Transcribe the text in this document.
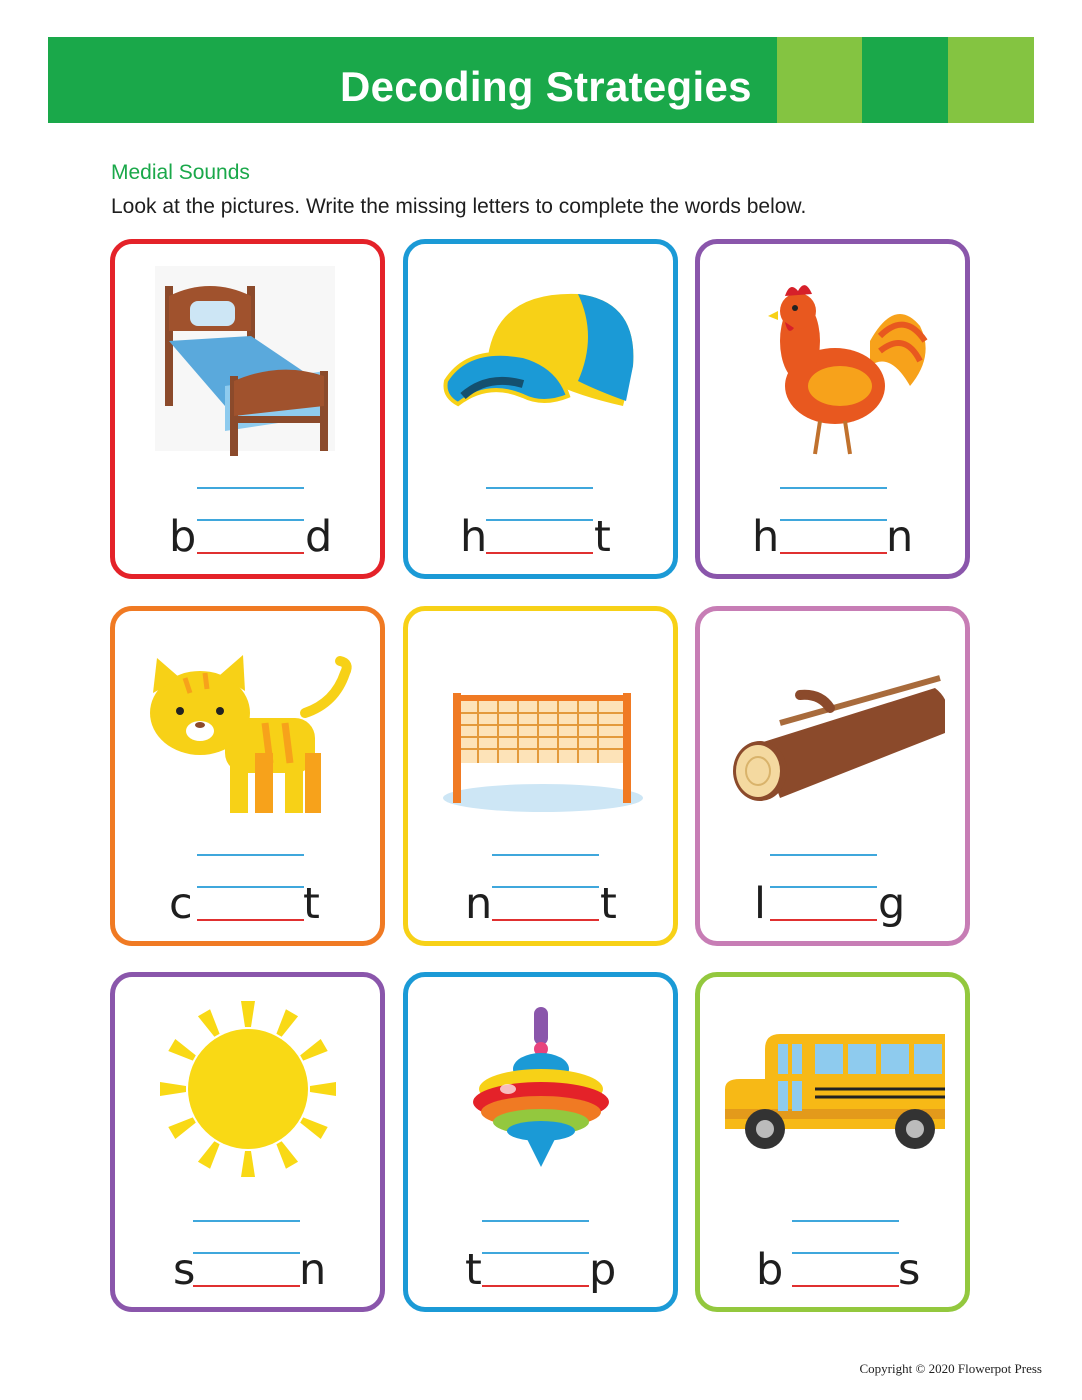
Decoding Strategies
Medial Sounds
Look at the pictures. Write the missing letters to complete the words below.
b	d	h t	h n
c	t	n	t	l	g
s n	t p	b	s
Copyright © 2020 Flowerpot Press
